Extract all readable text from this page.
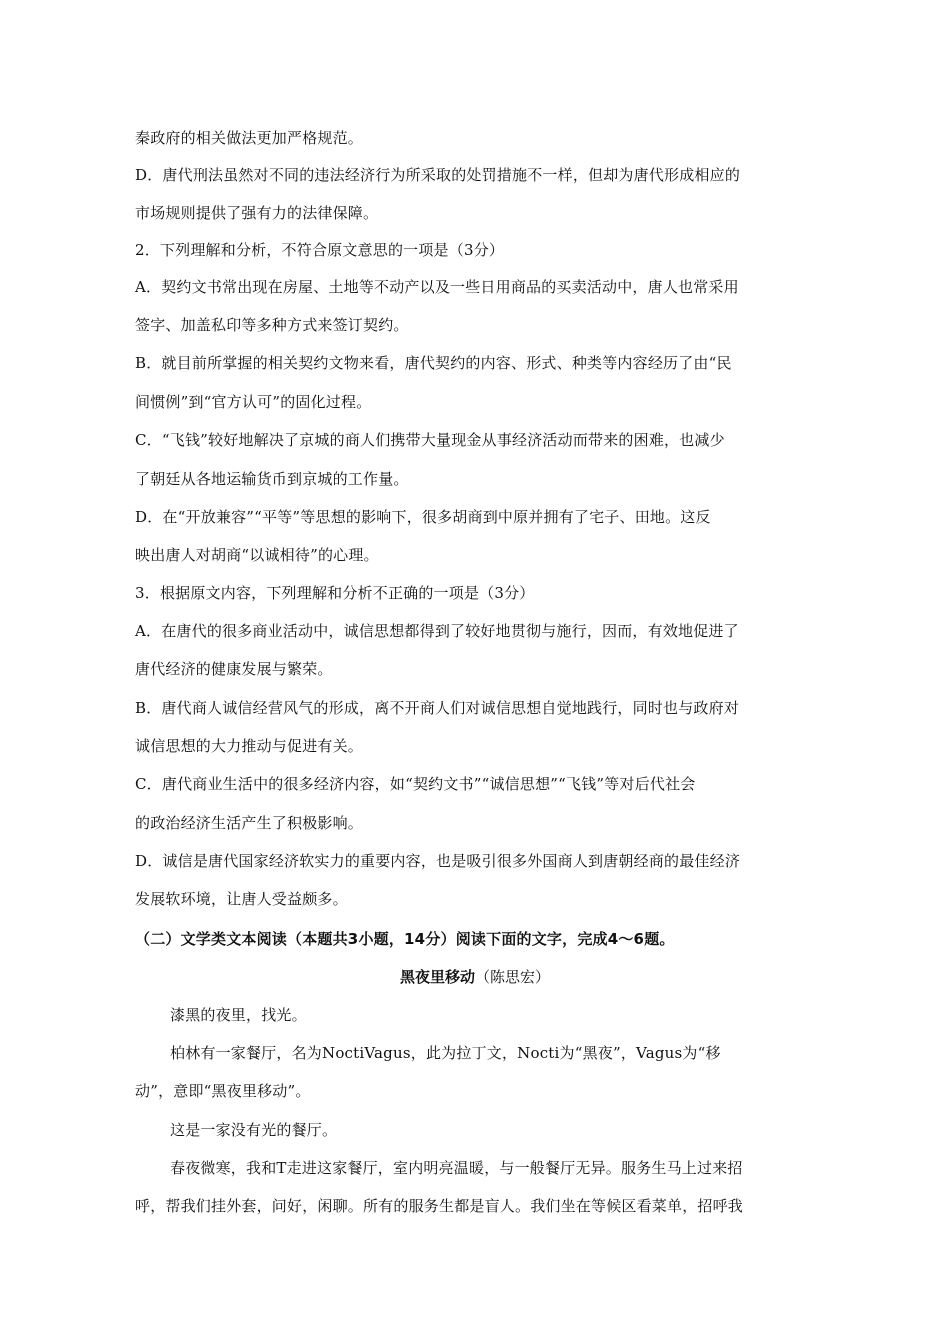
秦政府的相关做法更加严格规范。
D．唐代刑法虽然对不同的违法经济行为所采取的处罚措施不一样，但却为唐代形成相应的
市场规则提供了强有力的法律保障。
2．下列理解和分析，不符合原文意思的一项是（3分）
A．契约文书常出现在房屋、土地等不动产以及一些日用商品的买卖活动中，唐人也常采用
签字、加盖私印等多种方式来签订契约。
B．就目前所掌握的相关契约文物来看，唐代契约的内容、形式、种类等内容经历了由“民
间惯例”到“官方认可”的固化过程。
C．“飞钱”较好地解决了京城的商人们携带大量现金从事经济活动而带来的困难，也减少
了朝廷从各地运输货币到京城的工作量。
D．在“开放兼容”“平等”等思想的影响下，很多胡商到中原并拥有了宅子、田地。这反
映出唐人对胡商“以诚相待”的心理。
3．根据原文内容，下列理解和分析不正确的一项是（3分）
A．在唐代的很多商业活动中，诚信思想都得到了较好地贯彻与施行，因而，有效地促进了
唐代经济的健康发展与繁荣。
B．唐代商人诚信经营风气的形成，离不开商人们对诚信思想自觉地践行，同时也与政府对
诚信思想的大力推动与促进有关。
C．唐代商业生活中的很多经济内容，如“契约文书”“诚信思想”“飞钱”等对后代社会
的政治经济生活产生了积极影响。
D．诚信是唐代国家经济软实力的重要内容，也是吸引很多外国商人到唐朝经商的最佳经济
发展软环境，让唐人受益颇多。
（二）文学类文本阅读（本题共3小题，14分）阅读下面的文字，完成4～6题。
黑夜里移动（陈思宏）
漆黑的夜里，找光。
柏林有一家餐厅，名为NoctiVagus，此为拉丁文，Nocti为“黑夜”，Vagus为“移
动”，意即“黑夜里移动”。
这是一家没有光的餐厅。
春夜微寒，我和T走进这家餐厅，室内明亮温暖，与一般餐厅无异。服务生马上过来招
呼，帮我们挂外套，问好，闲聊。所有的服务生都是盲人。我们坐在等候区看菜单，招呼我
